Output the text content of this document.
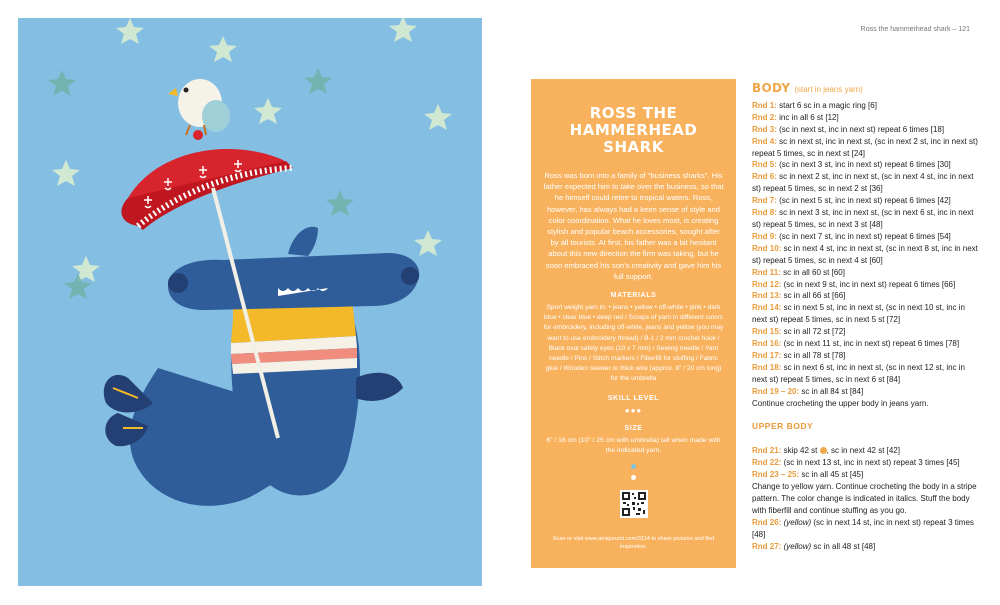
Ross the hammerhead shark – 121
ROSS THE
HAMMERHEAD SHARK

Ross was born into a family of “business sharks”. His father expected him to take over the business, so that he himself could retire to tropical waters. Ross, however, has always had a keen sense of style and color coordination. What he loves most, is creating stylish and popular beach accessories, sought after by all tourists. At first, his father was a bit hesitant about this new direction the firm was taking, but he soon embraced his son’s creativity and gave him his full support.

MATERIALS

Sport weight yarn in: • jeans • yellow • off-white • pink • dark blue • clear blue • deep red / Scraps of yarn in different colors for embroidery, including off-white, jeans and yellow (you may want to use embroidery thread) / B-1 / 2 mm crochet hook / Black oval safety eyes (10 x 7 mm) / Sewing needle / Yarn needle / Pins / Stitch markers / Fiberfill for stuffing / Fabric glue / Wooden skewer or thick wire (approx. 8” / 20 cm long) for the umbrella

SKILL LEVEL
●●●
SIZE

6” / 16 cm (10” / 25 cm with umbrella) tall when made with the indicated yarn.

Scan or visit www.amigurumi.com/3114 to share pictures and find inspiration.

BODY (start in jeans yarn)

Rnd 1: start 6 sc in a magic ring [6]

Rnd 2: inc in all 6 st [12]

Rnd 3: (sc in next st, inc in next st) repeat 6 times [18]

Rnd 4: sc in next st, inc in next st, (sc in next 2 st, inc in next st) repeat 5 times, sc in next st [24]

Rnd 5: (sc in next 3 st, inc in next st) repeat 6 times [30]

Rnd 6: sc in next 2 st, inc in next st, (sc in next 4 st, inc in next st) repeat 5 times, sc in next 2 st [36]

Rnd 7: (sc in next 5 st, inc in next st) repeat 6 times [42]

Rnd 8: sc in next 3 st, inc in next st, (sc in next 6 st, inc in next st) repeat 5 times, sc in next 3 st [48]

Rnd 9: (sc in next 7 st, inc in next st) repeat 6 times [54]

Rnd 10: sc in next 4 st, inc in next st, (sc in next 8 st, inc in next st) repeat 5 times, sc in next 4 st [60]

Rnd 11: sc in all 60 st [60]

Rnd 12: (sc in next 9 st, inc in next st) repeat 6 times [66]

Rnd 13: sc in all 66 st [66]

Rnd 14: sc in next 5 st, inc in next st, (sc in next 10 st, inc in next st) repeat 5 times, sc in next 5 st [72]

Rnd 15: sc in all 72 st [72]

Rnd 16: (sc in next 11 st, inc in next st) repeat 6 times [78]

Rnd 17: sc in all 78 st [78]

Rnd 18: sc in next 6 st, inc in next st, (sc in next 12 st, inc in next st) repeat 5 times, sc in next 6 st [84]

Rnd 19 – 20: sc in all 84 st [84]

Continue crocheting the upper body in jeans yarn.

UPPER BODY

Rnd 21: skip 42 st , sc in next 42 st [42]

Rnd 22: (sc in next 13 st, inc in next st) repeat 3 times [45]

Rnd 23 – 25: sc in all 45 st [45]

Change to yellow yarn. Continue crocheting the body in a stripe pattern. The color change is indicated in italics. Stuff the body with fiberfill and continue stuffing as you go.

Rnd 26: (yellow) (sc in next 14 st, inc in next st) repeat 3 times [48]

Rnd 27: (yellow) sc in all 48 st [48]
